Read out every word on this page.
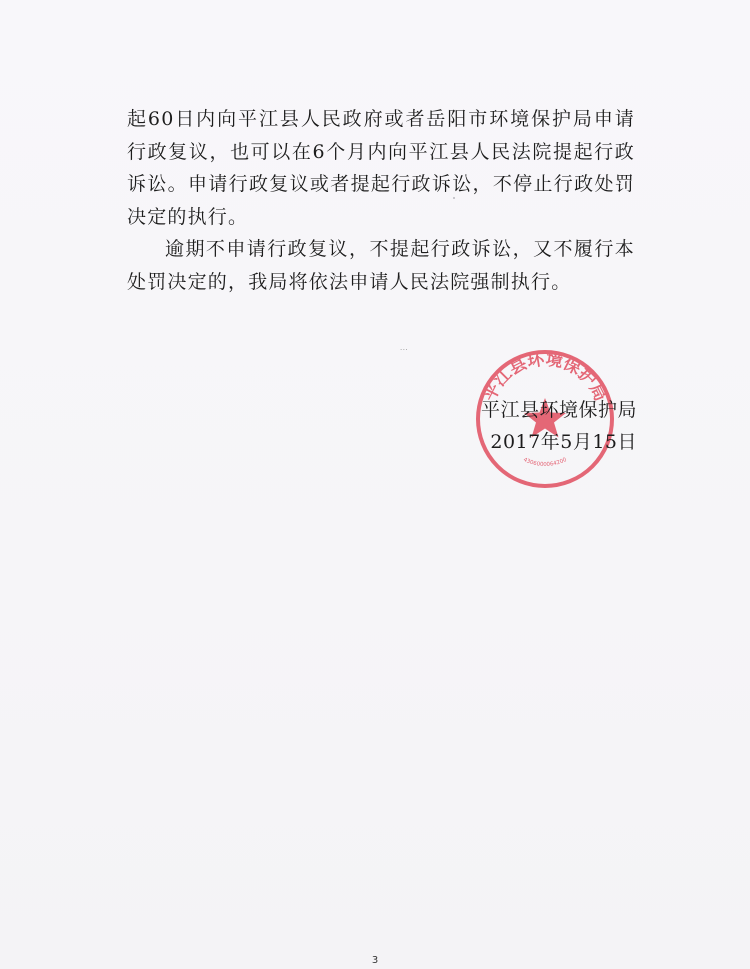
起60日内向平江县人民政府或者岳阳市环境保护局申请行政复议，也可以在6个月内向平江县人民法院提起行政诉讼。申请行政复议或者提起行政诉讼，不停止行政处罚决定的执行。

逾期不申请行政复议，不提起行政诉讼，又不履行本处罚决定的，我局将依法申请人民法院强制执行。

‧‧‧
平江县环境保护局
4306000064200
平江县环境保护局
2017年5月15日
3
